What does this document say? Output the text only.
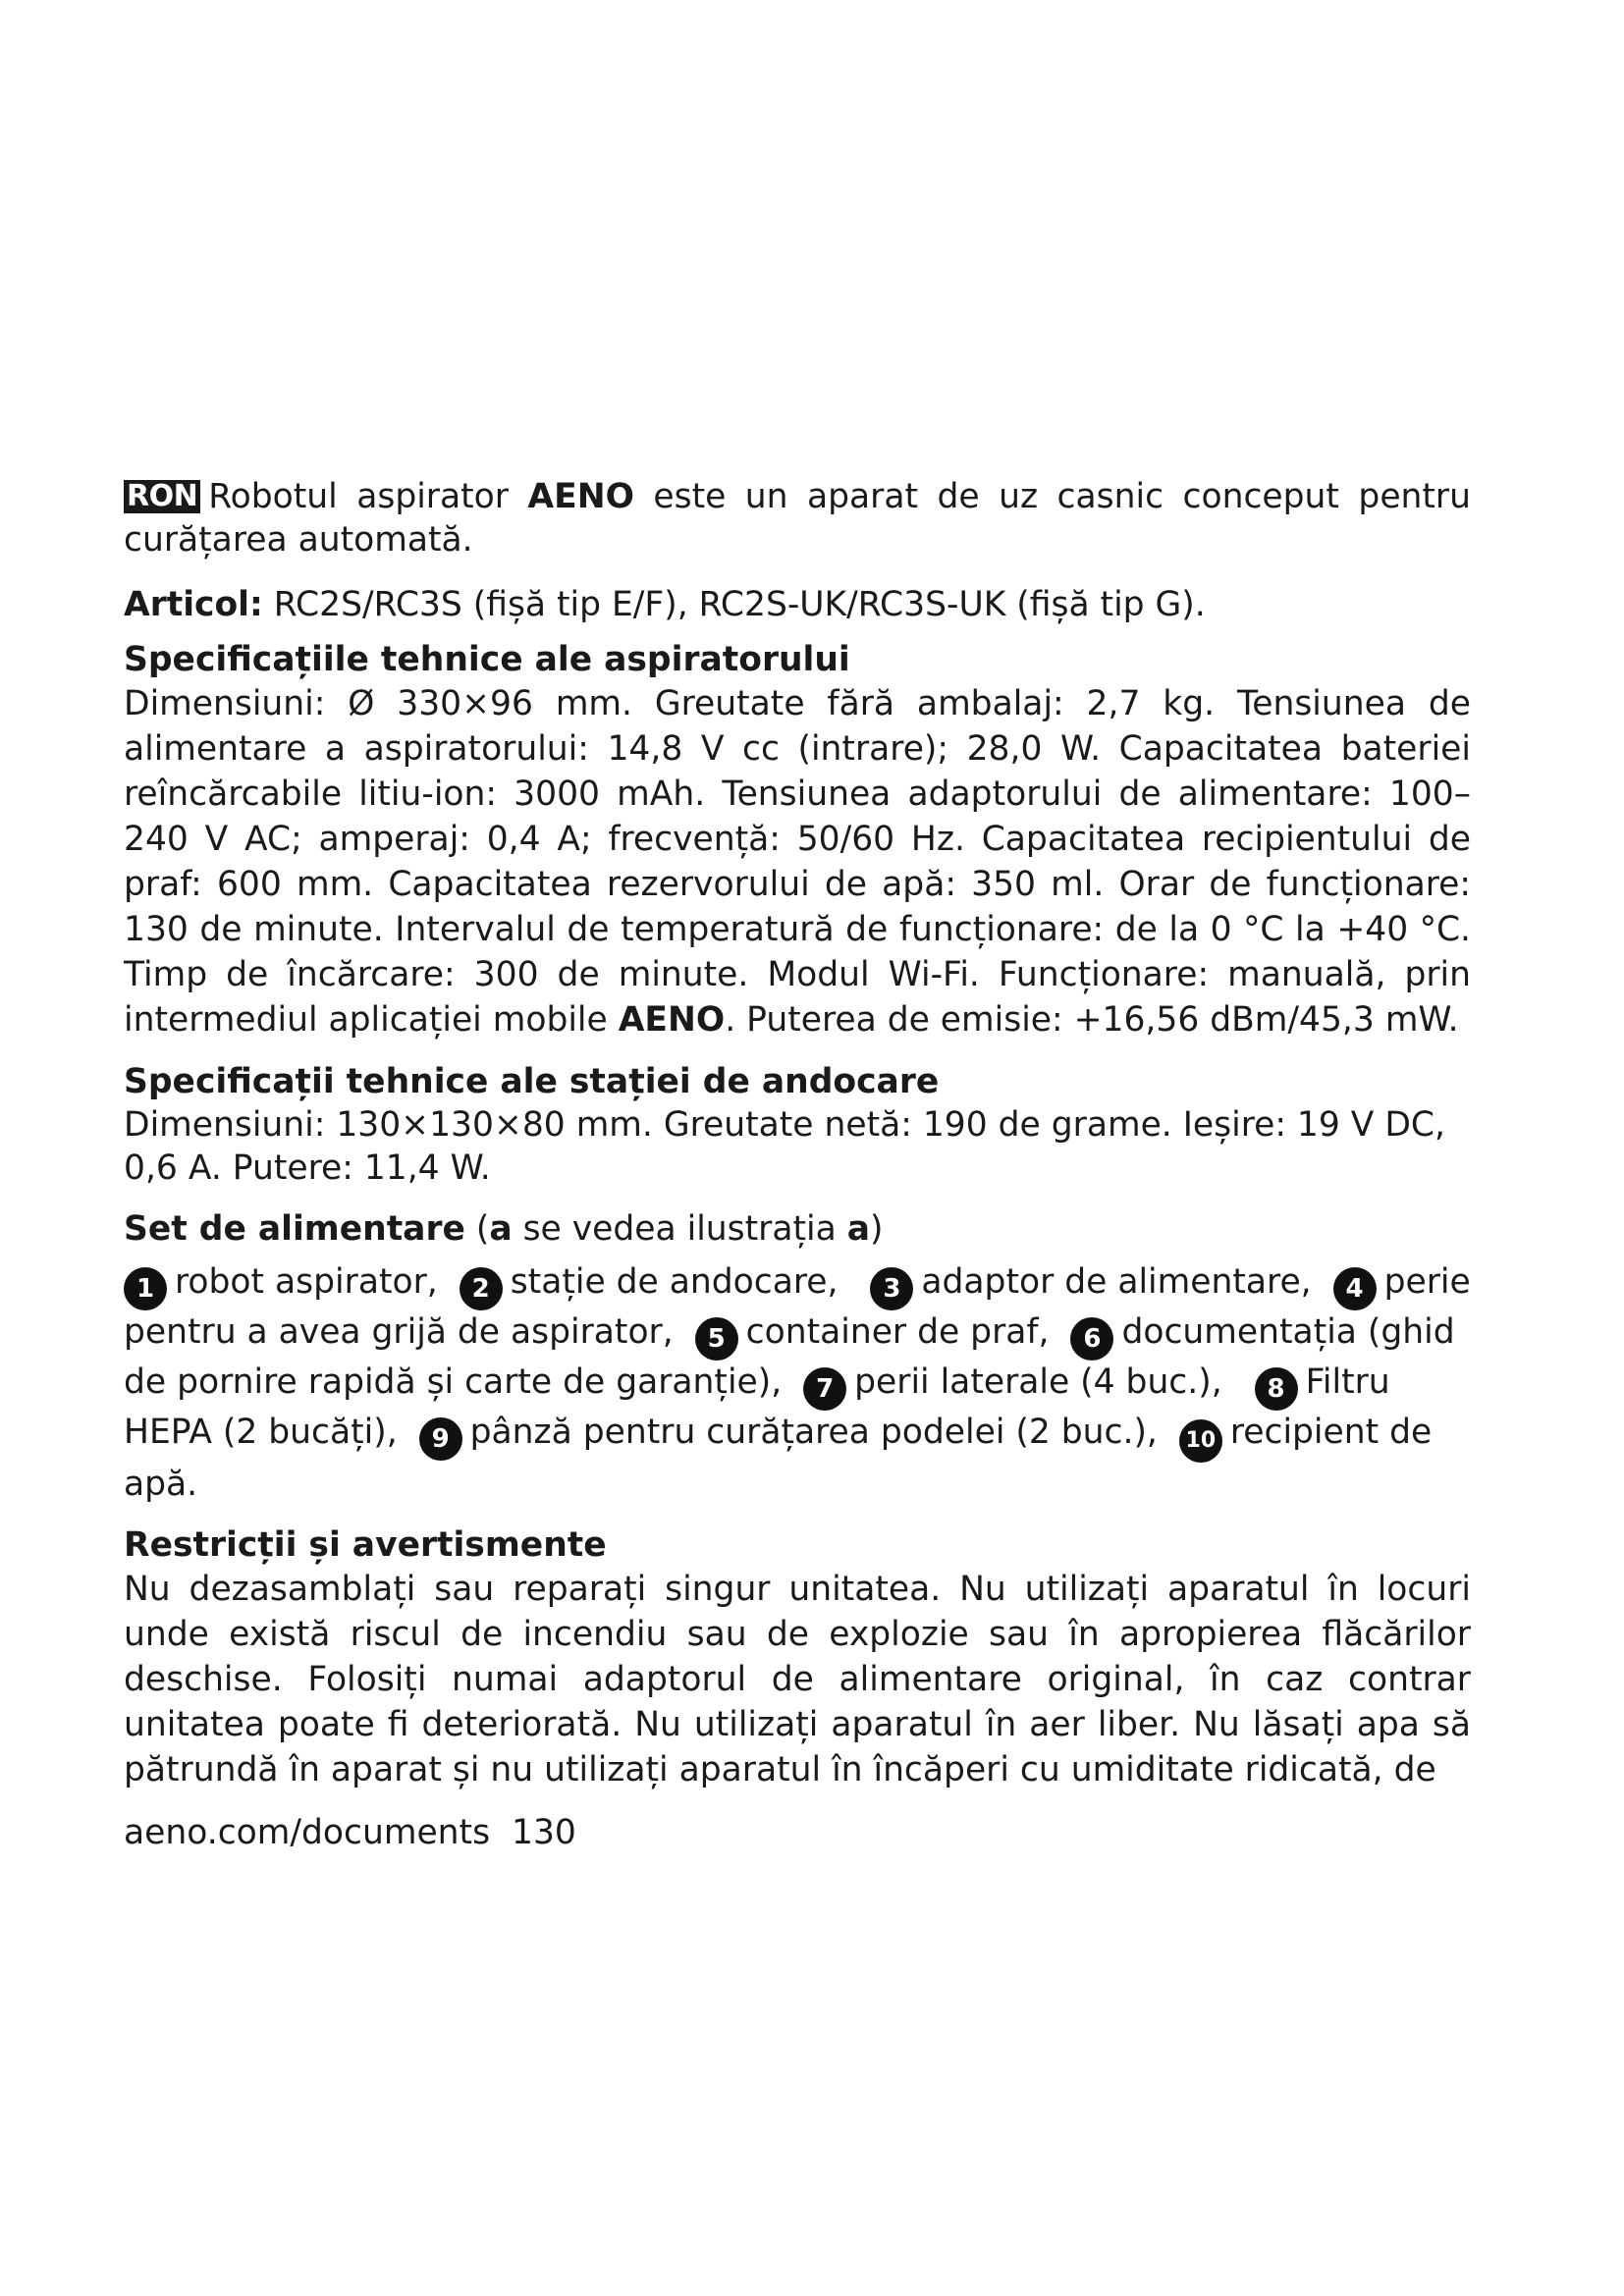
RON Robotul aspirator AENO este un aparat de uz casnic conceput pentru curățarea automată.

Articol: RC2S/RC3S (fișă tip E/F), RC2S-UK/RC3S-UK (fișă tip G).

Specificațiile tehnice ale aspiratorului

Dimensiuni: Ø 330×96 mm. Greutate fără ambalaj: 2,7 kg. Tensiunea de alimentare a aspiratorului: 14,8 V cc (intrare); 28,0 W. Capacitatea bateriei reîncărcabile litiu-ion: 3000 mAh. Tensiunea adaptorului de alimentare: 100–240 V AC; amperaj: 0,4 A; frecvență: 50/60 Hz. Capacitatea recipientului de praf: 600 mm. Capacitatea rezervorului de apă: 350 ml. Orar de funcționare: 130 de minute. Intervalul de temperatură de funcționare: de la 0 °C la +40 °C. Timp de încărcare: 300 de minute. Modul Wi-Fi. Funcționare: manuală, prin intermediul aplicației mobile AENO. Puterea de emisie: +16,56 dBm/45,3 mW.

Specificații tehnice ale stației de andocare

Dimensiuni: 130×130×80 mm. Greutate netă: 190 de grame. Ieșire: 19 V DC, 0,6 A. Putere: 11,4 W.

Set de alimentare (a se vedea ilustrația a)

1 robot aspirator, 2 stație de andocare, 3 adaptor de alimentare, 4 perie pentru a avea grijă de aspirator, 5 container de praf, 6 documentația (ghid de pornire rapidă și carte de garanție), 7 perii laterale (4 buc.), 8 Filtru HEPA (2 bucăți), 9 pânză pentru curățarea podelei (2 buc.), 10 recipient de apă.

Restricții și avertismente

Nu dezasamblați sau reparați singur unitatea. Nu utilizați aparatul în locuri unde există riscul de incendiu sau de explozie sau în apropierea flăcărilor deschise. Folosiți numai adaptorul de alimentare original, în caz contrar unitatea poate fi deteriorată. Nu utilizați aparatul în aer liber. Nu lăsați apa să pătrundă în aparat și nu utilizați aparatul în încăperi cu umiditate ridicată, de

aeno.com/documents 130
